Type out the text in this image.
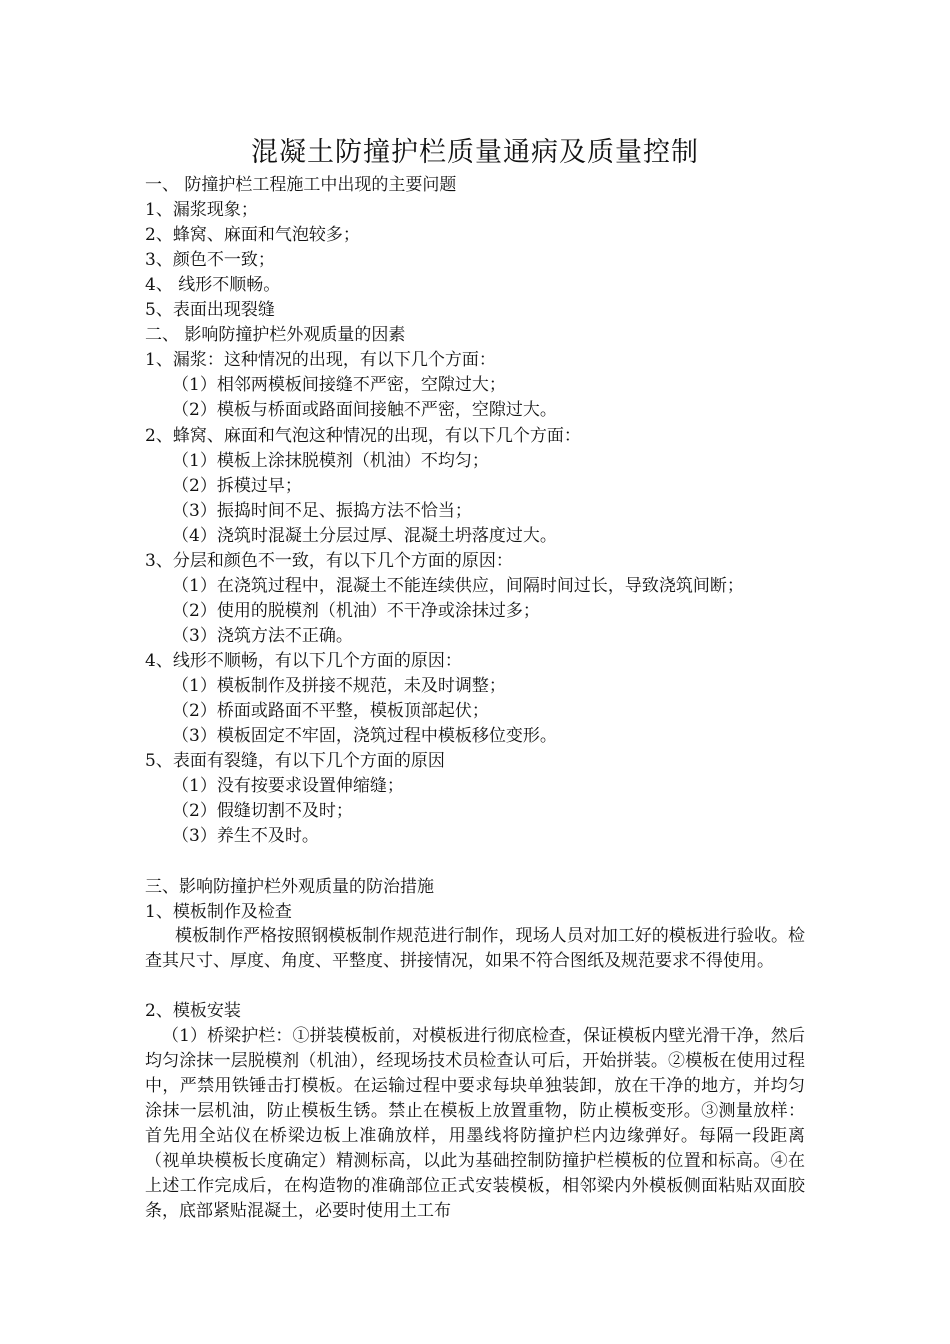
混凝土防撞护栏质量通病及质量控制
一、 防撞护栏工程施工中出现的主要问题
1、漏浆现象；
2、蜂窝、麻面和气泡较多；
3、颜色不一致；
4、 线形不顺畅。
5、表面出现裂缝
二、 影响防撞护栏外观质量的因素
1、漏浆：这种情况的出现，有以下几个方面：
（1）相邻两模板间接缝不严密，空隙过大；
（2）模板与桥面或路面间接触不严密，空隙过大。
2、蜂窝、麻面和气泡这种情况的出现，有以下几个方面：
（1）模板上涂抹脱模剂（机油）不均匀；
（2）拆模过早；
（3）振捣时间不足、振捣方法不恰当；
（4）浇筑时混凝土分层过厚、混凝土坍落度过大。
3、分层和颜色不一致，有以下几个方面的原因：
（1）在浇筑过程中，混凝土不能连续供应，间隔时间过长，导致浇筑间断；
（2）使用的脱模剂（机油）不干净或涂抹过多；
（3）浇筑方法不正确。
4、线形不顺畅，有以下几个方面的原因：
（1）模板制作及拼接不规范，未及时调整；
（2）桥面或路面不平整，模板顶部起伏；
（3）模板固定不牢固，浇筑过程中模板移位变形。
5、表面有裂缝，有以下几个方面的原因
（1）没有按要求设置伸缩缝；
（2）假缝切割不及时；
（3）养生不及时。
三、影响防撞护栏外观质量的防治措施
1、模板制作及检查
模板制作严格按照钢模板制作规范进行制作，现场人员对加工好的模板进行验收。检查其尺寸、厚度、角度、平整度、拼接情况，如果不符合图纸及规范要求不得使用。
2、模板安装
（1）桥梁护栏：①拼装模板前，对模板进行彻底检查，保证模板内壁光滑干净，然后均匀涂抹一层脱模剂（机油），经现场技术员检查认可后，开始拼装。②模板在使用过程中，严禁用铁锤击打模板。在运输过程中要求每块单独装卸，放在干净的地方，并均匀涂抹一层机油，防止模板生锈。禁止在模板上放置重物，防止模板变形。③测量放样：首先用全站仪在桥梁边板上准确放样，用墨线将防撞护栏内边缘弹好。每隔一段距离（视单块模板长度确定）精测标高，以此为基础控制防撞护栏模板的位置和标高。④在上述工作完成后，在构造物的准确部位正式安装模板，相邻梁内外模板侧面粘贴双面胶条，底部紧贴混凝土，必要时使用土工布
